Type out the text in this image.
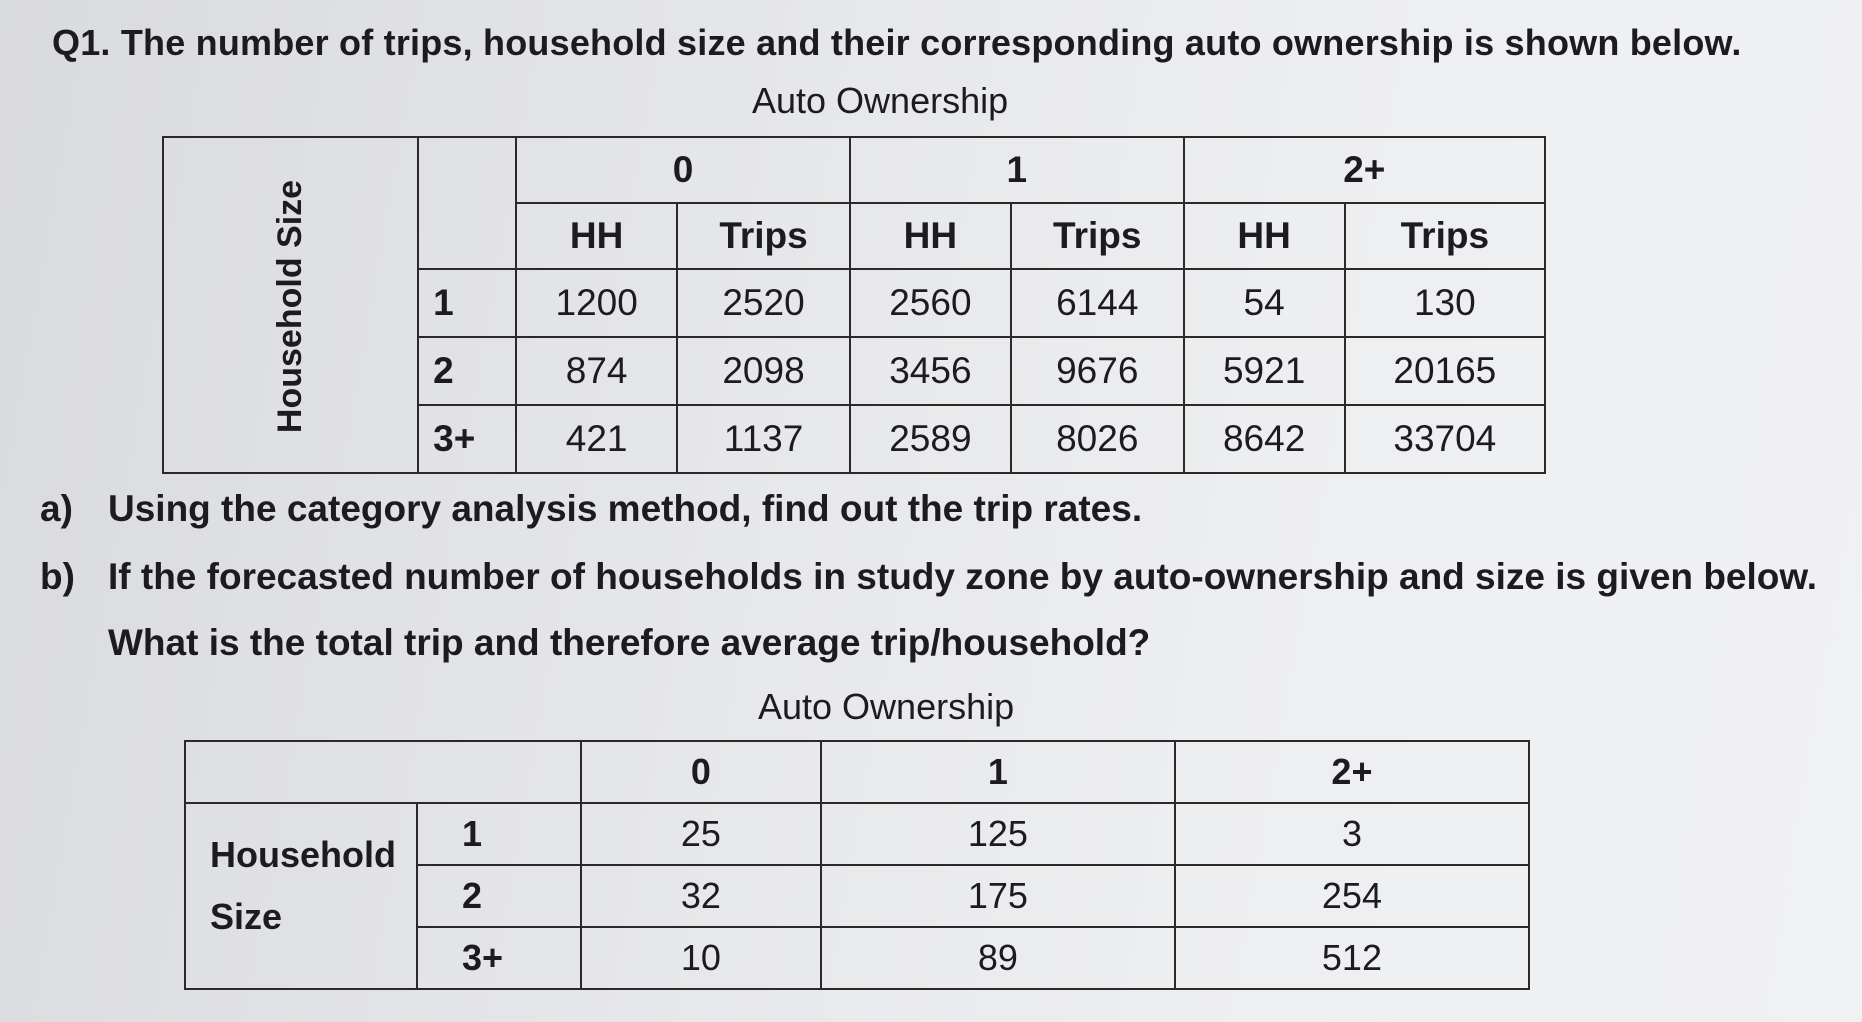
Q1. The number of trips, household size and their corresponding auto ownership is shown below.
Auto Ownership
Household Size		0		1		2+	
		HH	Trips	HH	Trips	HH	Trips
	1	1200	2520	2560	6144	54	130
	2	874	2098	3456	9676	5921	20165
	3+	421	1137	2589	8026	8642	33704
a) Using the category analysis method, find out the trip rates.
b) If the forecasted number of households in study zone by auto-ownership and size is given below.
What is the total trip and therefore average trip/household?
Auto Ownership
		0	1	2+

Household
Size	1	25	125	3
	2	32	175	254
	3+	10	89	512
